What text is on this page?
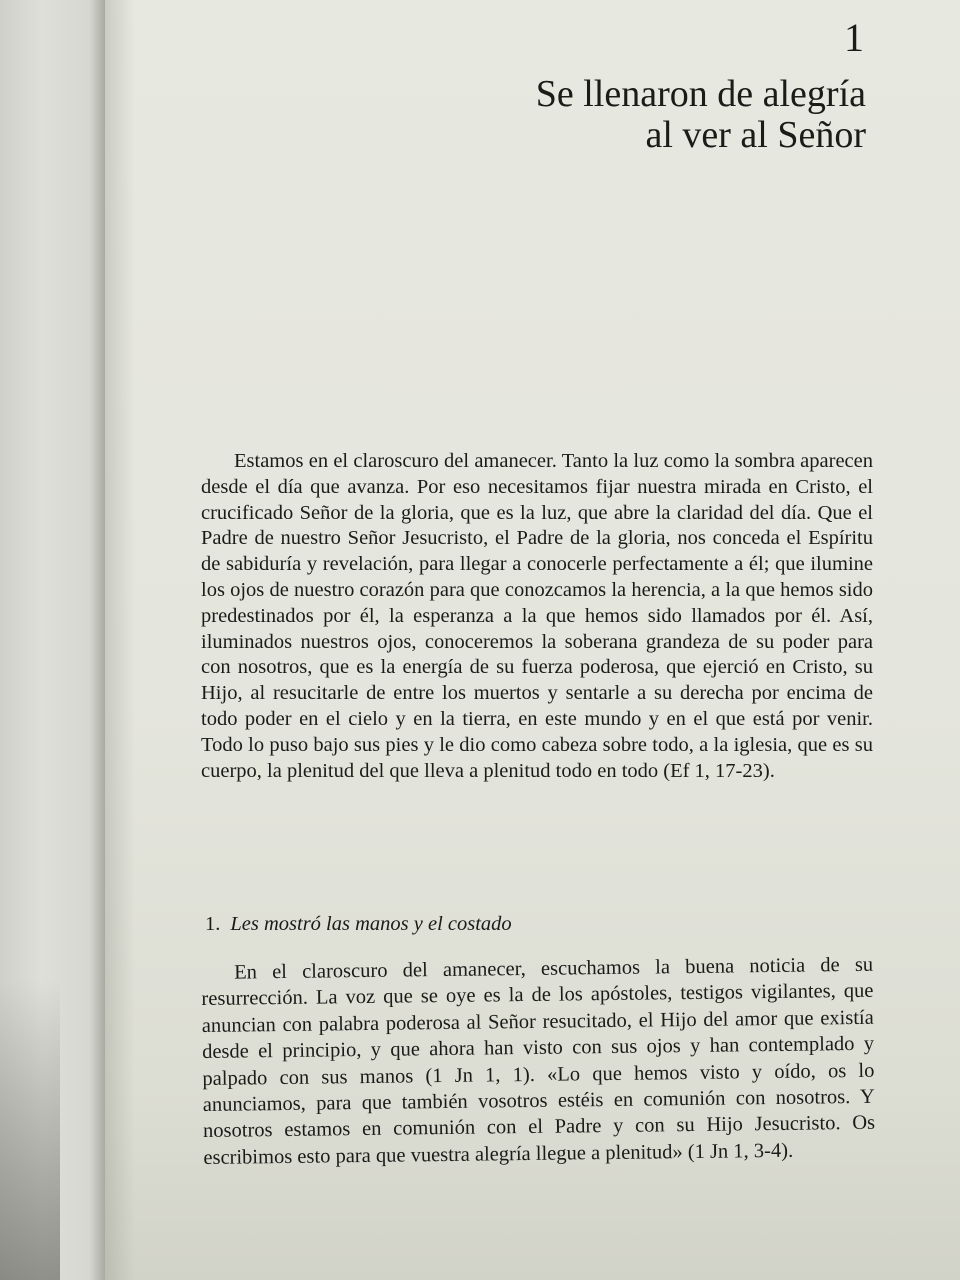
1
Se llenaron de alegría
al ver al Señor

Estamos en el claroscuro del amanecer. Tanto la luz como la sombra aparecen desde el día que avanza. Por eso necesitamos fijar nuestra mirada en Cristo, el crucificado Señor de la gloria, que es la luz, que abre la claridad del día. Que el Padre de nuestro Señor Jesucristo, el Padre de la gloria, nos conceda el Espíritu de sabiduría y revelación, para llegar a conocerle perfectamente a él; que ilumine los ojos de nuestro corazón para que conozcamos la herencia, a la que hemos sido predestinados por él, la esperanza a la que hemos sido llamados por él. Así, iluminados nuestros ojos, conoceremos la soberana grandeza de su poder para con nosotros, que es la energía de su fuerza poderosa, que ejerció en Cristo, su Hijo, al resucitarle de entre los muertos y sentarle a su derecha por encima de todo poder en el cielo y en la tierra, en este mundo y en el que está por venir. Todo lo puso bajo sus pies y le dio como cabeza sobre todo, a la iglesia, que es su cuerpo, la plenitud del que lleva a plenitud todo en todo (Ef 1, 17-23).

1. Les mostró las manos y el costado

En el claroscuro del amanecer, escuchamos la buena noticia de su resurrección. La voz que se oye es la de los apóstoles, testigos vigilantes, que anuncian con palabra poderosa al Señor resucitado, el Hijo del amor que existía desde el principio, y que ahora han visto con sus ojos y han contemplado y palpado con sus manos (1 Jn 1, 1). «Lo que hemos visto y oído, os lo anunciamos, para que también vosotros estéis en comunión con nosotros. Y nosotros estamos en comunión con el Padre y con su Hijo Jesucristo. Os escribimos esto para que vuestra alegría llegue a plenitud» (1 Jn 1, 3-4).
